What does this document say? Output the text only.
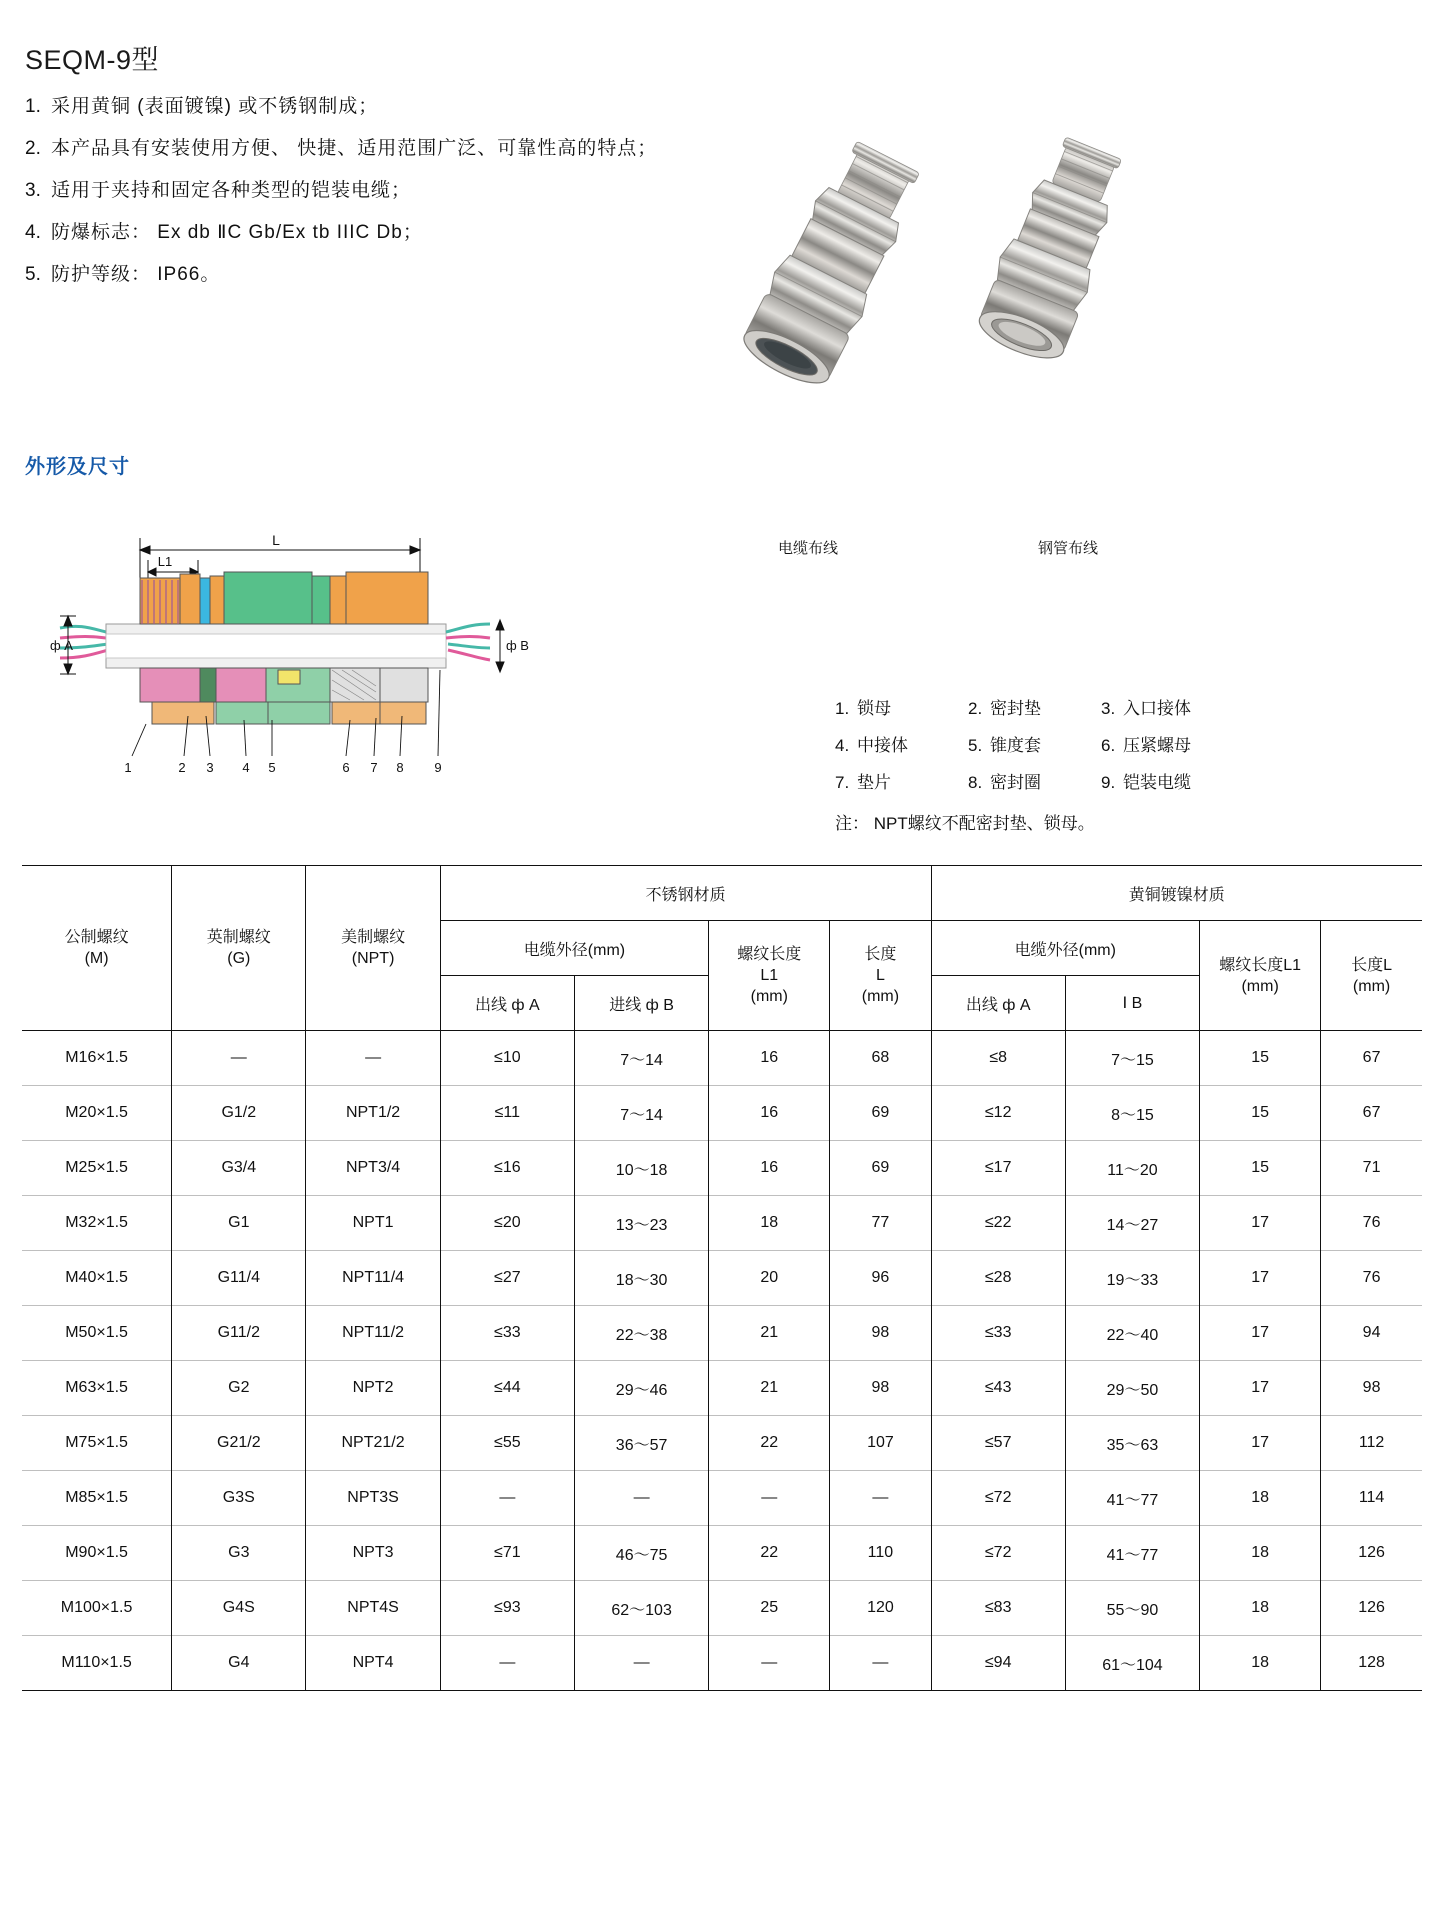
SEQM-9型
1. 采用黄铜 (表面镀镍) 或不锈钢制成；
2. 本产品具有安装使用方便、 快捷、适用范围广泛、可靠性高的特点；
3. 适用于夹持和固定各种类型的铠装电缆；
4. 防爆标志： Ex db ⅡC Gb/Ex tb IIIC Db；
5. 防护等级： IP66。
外形及尺寸
电缆布线	钢管布线
L
L1
ф A	ф B
1	2 3 4 5	6 7 8 9
1. 锁母	2. 密封垫	3. 入口接体
4. 中接体	5. 锥度套	6. 压紧螺母
7. 垫片	8. 密封圈	9. 铠装电缆
注： NPT螺纹不配密封垫、锁母。
公制螺纹
(M)

英制螺纹
(G)

美制螺纹
(NPT)
	不锈钢材质	黄铜镀镍材质
电缆外径(mm)	螺纹长度
L1
(mm)

长度
L
(mm)
	电缆外径(mm)	
螺纹长度L1
(mm)

长度L
(mm)

			出线 ф A	进线 ф B			出线 ф A	Ⅰ B		

M16×1.5	—	—	≤10	7～14	16	68	≤8	7～15	15	67
M20×1.5	G1/2	NPT1/2	≤11	7～14	16	69	≤12	8～15	15	67
M25×1.5	G3/4	NPT3/4	≤16	10～18	16	69	≤17	11～20	15	71
M32×1.5	G1	NPT1	≤20	13～23	18	77	≤22	14～27	17	76
M40×1.5	G11/4	NPT11/4	≤27	18～30	20	96	≤28	19～33	17	76
M50×1.5	G11/2	NPT11/2	≤33	22～38	21	98	≤33	22～40	17	94
M63×1.5	G2	NPT2	≤44	29～46	21	98	≤43	29～50	17	98
M75×1.5	G21/2	NPT21/2	≤55	36～57	22	107	≤57	35～63	17	112
M85×1.5	G3S	NPT3S	—	—	—	—	≤72	41～77	18	114
M90×1.5	G3	NPT3	≤71	46～75	22	110	≤72	41～77	18	126
M100×1.5	G4S	NPT4S	≤93	62～103	25	120	≤83	55～90	18	126
M110×1.5	G4	NPT4	—	—	—	—	≤94	61～104	18	128
